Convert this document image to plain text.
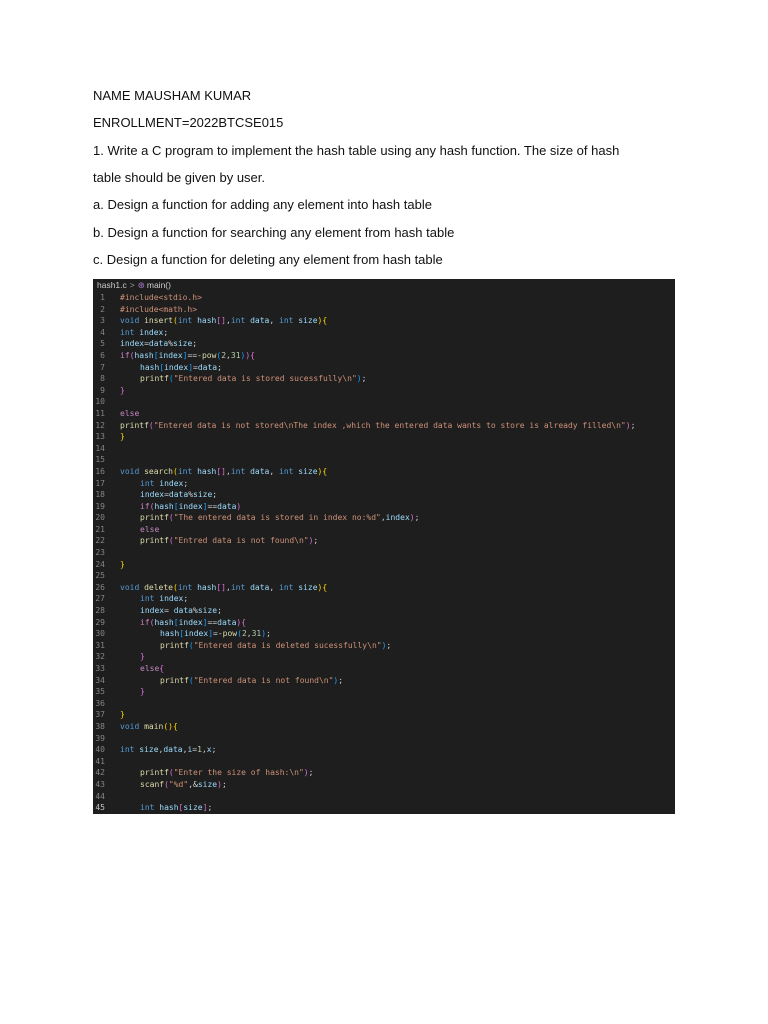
NAME MAUSHAM KUMAR
ENROLLMENT=2022BTCSE015
1. Write a C program to implement the hash table using any hash function. The size of hash
table should be given by user.
a. Design a function for adding any element into hash table
b. Design a function for searching any element from hash table
c. Design a function for deleting any element from hash table
hash1.c > ⊛ main()
1 #include<stdio.h>
2 #include<math.h>
3 void insert(int hash[],int data, int size){
4 int index;
5 index=data%size;
6 if(hash[index]==-pow(2,31)){
7	hash[index]=data;
8	printf("Entered data is stored sucessfully\n");
9 }
10
11 else
12 printf("Entered data is not stored\nThe index ,which the entered data wants to store is already filled\n");
13 }
14
15
16 void search(int hash[],int data, int size){
17	int index;
18	index=data%size;
19	if(hash[index]==data)
20	printf("The entered data is stored in index no:%d",index);
21	else
22	printf("Entred data is not found\n");
23
24 }
25
26 void delete(int hash[],int data, int size){
27	int index;
28	index= data%size;
29	if(hash[index]==data){
30	hash[index]=-pow(2,31);
31	printf("Entered data is deleted sucessfully\n");
32	}
33	else{
34	printf("Entered data is not found\n");
35	}
36
37 }
38 void main(){
39
40 int size,data,i=1,x;
41
42	printf("Enter the size of hash:\n");
43	scanf("%d",&size);
44
45	int hash[size];
